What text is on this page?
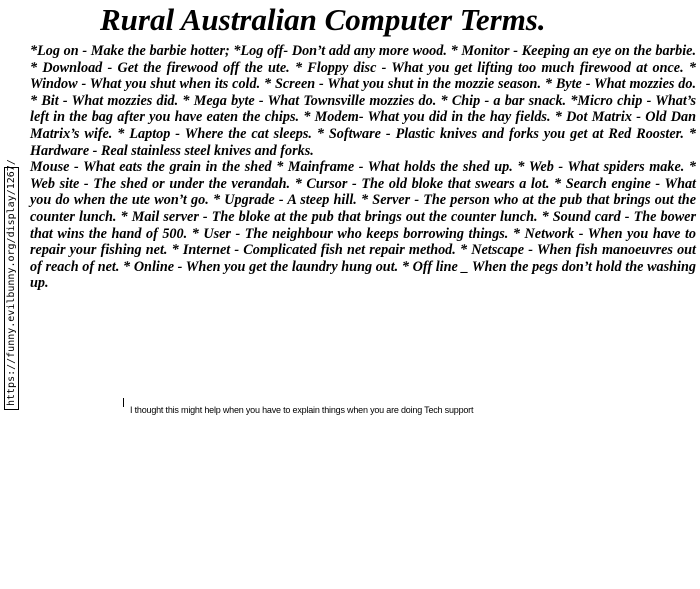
https://funny.evilbunny.org/display/1267/
Rural Australian Computer Terms.

*Log on - Make the barbie hotter; *Log off- Don’t add any more wood. * Monitor - Keeping an eye on the barbie. * Download - Get the firewood off the ute. * Floppy disc - What you get lifting too much firewood at once. * Window - What you shut when its cold. * Screen - What you shut in the mozzie season. * Byte - What mozzies do. * Bit - What mozzies did. * Mega byte - What Townsville mozzies do. * Chip - a bar snack. *Micro chip - What’s left in the bag after you have eaten the chips. * Modem- What you did in the hay fields. * Dot Matrix - Old Dan Matrix’s wife. * Laptop - Where the cat sleeps. * Software - Plastic knives and forks you get at Red Rooster. * Hardware - Real stainless steel knives and forks.

Mouse - What eats the grain in the shed * Mainframe - What holds the shed up. * Web - What spiders make. * Web site - The shed or under the verandah. * Cursor - The old bloke that swears a lot. * Search engine - What you do when the ute won’t go. * Upgrade - A steep hill. * Server - The person who at the pub that brings out the counter lunch. * Mail server - The bloke at the pub that brings out the counter lunch. * Sound card - The bower that wins the hand of 500. * User - The neighbour who keeps borrowing things. * Network - When you have to repair your fishing net. * Internet - Complicated fish net repair method. * Netscape - When fish manoeuvres out of reach of net. * Online - When you get the laundry hung out. * Off line _ When the pegs don’t hold the washing up.

I thought this might help when you have to explain things when you are doing Tech support
